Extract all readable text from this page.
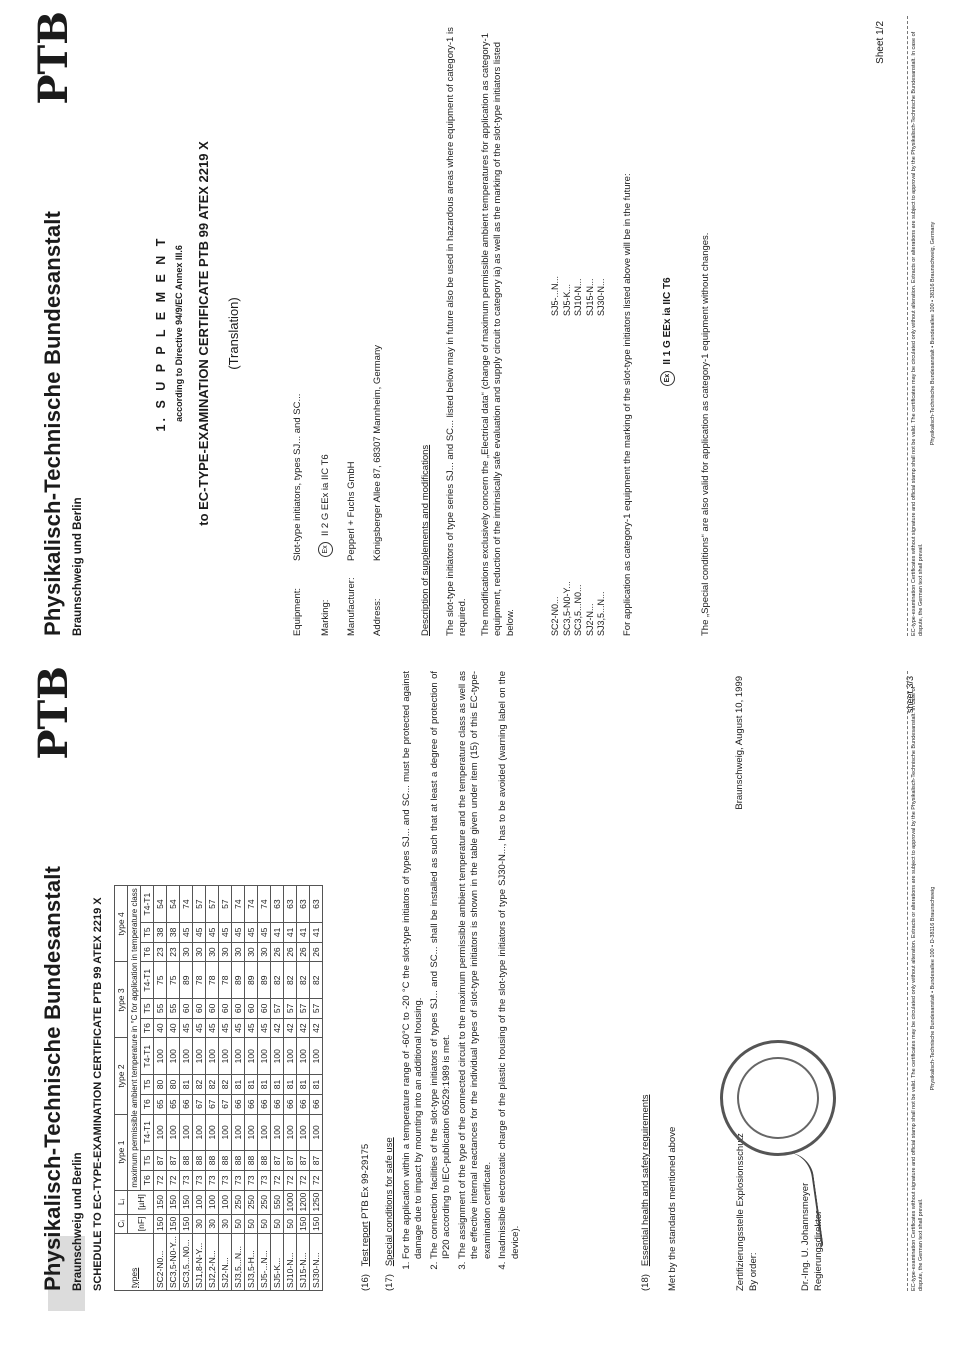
Physikalisch-Technische Bundesanstalt Braunschweig und Berlin
PTB
SCHEDULE TO EC-TYPE-EXAMINATION CERTIFICATE PTB 99 ATEX 2219 X	types	Cᵢ	Lᵢ	type 1			type 2			type 3			type 4		
	[nF]	[µH]	maximum permissible ambient temperature in °C for application in temperature class											
			T6	T5	T4-T1	T6	T5	T4-T1	T6	T5	T4-T1	T6	T5	T4-T1
SC2-N0...	150	150	72	87	100	65	80	100	40	55	75	23	38	54
SC3,5-N0-Y...	150	150	72	87	100	65	80	100	40	55	75	23	38	54
SC3,5...N0...	150	150	73	88	100	66	81	100	45	60	89	30	45	74
SJ1,8-N-Y...	30	100	73	88	100	67	82	100	45	60	78	30	45	57
SJ2,2-N...	30	100	73	88	100	67	82	100	45	60	78	30	45	57
SJ2-N...	30	100	73	88	100	67	82	100	45	60	78	30	45	57
SJ3,5...N...	50	250	73	88	100	66	81	100	45	60	89	30	45	74
SJ3,5-H...	50	250	73	88	100	66	81	100	45	60	89	30	45	74
SJ5-...N...	50	250	73	88	100	66	81	100	45	60	89	30	45	74
SJ5-K...	50	550	72	87	100	66	81	100	42	57	82	26	41	63
SJ10-N...	50	1000	72	87	100	66	81	100	42	57	82	26	41	63
SJ15-N...	150	1200	72	87	100	66	81	100	42	57	82	26	41	63
SJ30-N...	150	1250	72	87	100	66	81	100	42	57	82	26	41	63
(16)   Test report PTB Ex 99-29175
(17)   Special conditions for safe use 1. For the application within a temperature range of -60°C to -20 °C the slot-type initiators of types SJ... and SC... must be protected against damage due to impact by mounting into an additional housing. 2. The connection facilities of the slot-type initiators of types SJ... and SC... shall be installed as such that at least a degree of protection of IP20 according to IEC-publication 60529:1989 is met. 3. The assignment of the type of the connected circuit to the maximum permissible ambient temperature and the temperature class as well as the effective internal reactances for the individual types of slot-type initiators is shown in the table given under item (15) of this EC-type-examination certificate. 4. Inadmissible electrostatic charge of the plastic housing of the slot-type initiators of type SJ30-N..., has to be avoided (warning label on the device).
(18)   Essential health and safety requirements Met by the standards mentioned above	Zertifizierungsstelle Explosionsschutz By order:	Dr.-Ing. U. Johannsmeyer Regierungsdirektor
Braunschweig, August 10, 1999	sheet 3/3
EC-type-examination Certificates without signature and official stamp shall not be valid. The certificates may be circulated only without alteration. Extracts or alterations are subject to approval by the Physikalisch-Technische Bundesanstalt. In case of dispute, the German text shall prevail.
Physikalisch-Technische Bundesanstalt • Bundesallee 100 • D-38116 Braunschweig
Physikalisch-Technische Bundesanstalt Braunschweig und Berlin
PTB
1. S U P P L E M E N T according to Directive 94/9/EC Annex III.6 to EC-TYPE-EXAMINATION CERTIFICATE PTB 99 ATEX 2219 X (Translation)
Equipment:Slot-type initiators, types SJ... and SC...
Marking:ExII 2 G EEx ia IIC T6
Manufacturer:Pepperl + Fuchs GmbH
Address:Königsberger Allee 87, 68307 Mannheim, Germany	Description of supplements and modifications The slot-type initiators of type series SJ... and SC... listed below may in future also be used in hazardous areas where equipment of category-1 is required. The modifications exclusively concern the „Electrical data“ (change of maximum permissible ambient temperatures for application as category-1 equipment, reduction of the intrinsically safe evaluation and supply circuit to category ia) as well as the marking of the slot-type initiators listed below.	SC2-N0... SC3,5-N0-Y... SC3,5...N0... SJ2-N... SJ3,5...N...
SJ5-...N... SJ5-K... SJ10-N... SJ15-N... SJ30-N... For application as category-1 equipment the marking of the slot-type initiators listed above will be in the future:	ExII 1 G EEx ia IIC T6	The „Special conditions“ are also valid for application as category-1 equipment without changes.
Sheet 1/2	EC-type-examination Certificates without signature and official stamp shall not be valid. The certificates may be circulated only without alteration. Extracts or alterations are subject to approval by the Physikalisch-Technische Bundesanstalt. In case of dispute, the German text shall prevail.
Physikalisch-Technische Bundesanstalt • Bundesallee 100 • 38116 Braunschweig, Germany
